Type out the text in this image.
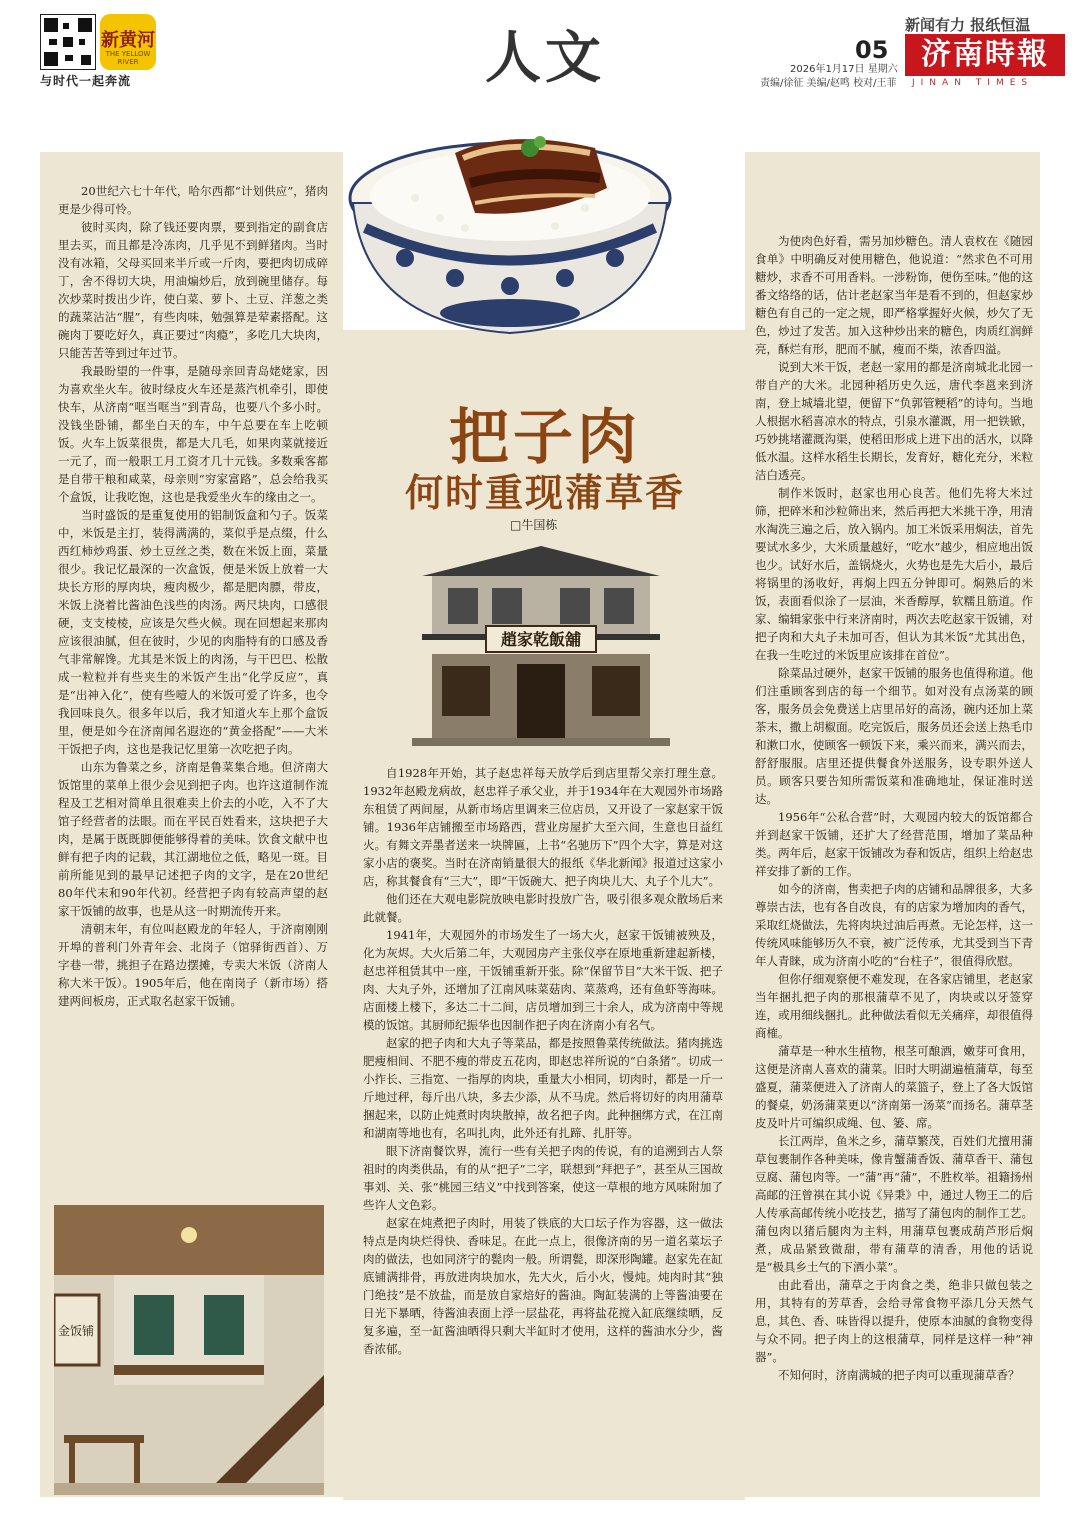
新黄河
THE YELLOW RIVER
与时代一起奔流	人文	05
2026年1月17日 星期六
责编/徐征 美编/赵鸣 校对/王菲
新闻有力 报纸恒温
济南時報
JINAN TIMES
把子肉
何时重现蒲草香
□牛国栋
趙家乾飯舖
金饭铺

20世纪六七十年代，哈尔西都“计划供应”，猪肉更是少得可怜。

彼时买肉，除了钱还要肉票，要到指定的副食店里去买，而且都是冷冻肉，几乎见不到鲜猪肉。当时没有冰箱，父母买回来半斤或一斤肉，要把肉切成碎丁，舍不得切大块，用油煸炒后，放到碗里储存。每次炒菜时拨出少许，使白菜、萝卜、土豆、洋葱之类的蔬菜沾沾“腥”，有些肉味，勉强算是荤素搭配。这碗肉丁要吃好久，真正要过“肉瘾”，多吃几大块肉，只能苦苦等到过年过节。

我最盼望的一件事，是随母亲回青岛姥姥家，因为喜欢坐火车。彼时绿皮火车还是蒸汽机牵引，即使快车，从济南“哐当哐当”到青岛，也要八个多小时。没钱坐卧铺，都坐白天的车，中午总要在车上吃顿饭。火车上饭菜很贵，都是大几毛，如果肉菜就接近一元了，而一般职工月工资才几十元钱。多数乘客都是自带干粮和咸菜，母亲则“穷家富路”，总会给我买个盒饭，让我吃饱，这也是我爱坐火车的缘由之一。

当时盛饭的是重复使用的铝制饭盒和勺子。饭菜中，米饭是主打，装得满满的，菜似乎是点缀，什么西红柿炒鸡蛋、炒土豆丝之类，数在米饭上面，菜量很少。我记忆最深的一次盒饭，便是米饭上放着一大块长方形的厚肉块，瘦肉极少，都是肥肉膘，带皮，米饭上浇着比酱油色浅些的肉汤。两尺块肉，口感很硬，支支棱棱，应该是欠些火候。现在回想起来那肉应该很油腻，但在彼时，少见的肉脂特有的口感及香气非常解馋。尤其是米饭上的肉汤，与干巴巴、松散成一粒粒并有些夹生的米饭产生出“化学反应”，真是“出神入化”，使有些噎人的米饭可爱了许多，也令我回味良久。很多年以后，我才知道火车上那个盒饭里，便是如今在济南闻名遐迩的“黄金搭配”——大米干饭把子肉，这也是我记忆里第一次吃把子肉。

山东为鲁菜之乡，济南是鲁菜集合地。但济南大饭馆里的菜单上很少会见到把子肉。也许这道制作流程及工艺相对简单且很难卖上价去的小吃，入不了大馆子经营者的法眼。而在平民百姓看来，这块把子大肉，是属于既既脚便能够得着的美味。饮食文献中也鲜有把子肉的记载，其江湖地位之低，略见一斑。目前所能见到的最早记述把子肉的文字，是在20世纪80年代末和90年代初。经营把子肉有较高声望的赵家干饭铺的故事，也是从这一时期流传开来。

清朝末年，有位叫赵殿龙的年轻人，于济南刚刚开埠的普利门外青年会、北岗子（馆驿街西首）、万字巷一带，挑担子在路边摆摊，专卖大米饭（济南人称大米干饭）。1905年后，他在南岗子（新市场）搭建两间板房，正式取名赵家干饭铺。

自1928年开始，其子赵忠祥每天放学后到店里帮父亲打理生意。1932年赵殿龙病故，赵忠祥子承父业，并于1934年在大观园外市场路东租赁了两间屋，从新市场店里调来三位店员，又开设了一家赵家干饭铺。1936年店铺搬至市场路西，营业房屋扩大至六间，生意也日益红火。有舞文弄墨者送来一块牌匾，上书“名驰历下”四个大字，算是对这家小店的褒奖。当时在济南销量很大的报纸《华北新闻》报道过这家小店，称其餐食有“三大”，即“干饭碗大、把子肉块儿大、丸子个儿大”。

他们还在大观电影院放映电影时投放广告，吸引很多观众散场后来此就餐。

1941年，大观园外的市场发生了一场大火，赵家干饭铺被殃及，化为灰烬。大火后第二年，大观园房产主张仪亭在原地重新建起新楼，赵忠祥租赁其中一座，干饭铺重新开张。除“保留节目”大米干饭、把子肉、大丸子外，还增加了江南风味菜菇肉、菜蒸鸡，还有鱼虾等海味。店面楼上楼下，多达二十二间，店员增加到三十余人，成为济南中等规模的饭馆。其厨师纪振华也因制作把子肉在济南小有名气。

赵家的把子肉和大丸子等菜品，都是按照鲁菜传统做法。猪肉挑选肥瘦相间、不肥不瘦的带皮五花肉，即赵忠祥所说的“白条猪”。切成一小拃长、三指宽、一指厚的肉块，重量大小相同，切肉时，都是一斤一斤地过秤，每斤出八块，多去少添，从不马虎。然后将切好的肉用蒲草捆起来，以防止炖煮时肉块散掉，故名把子肉。此种捆绑方式，在江南和湖南等地也有，名叫扎肉，此外还有扎蹄、扎肝等。

眼下济南餐饮界，流行一些有关把子肉的传说，有的追溯到古人祭祖时的肉类供品，有的从“把子”二字，联想到“拜把子”，甚至从三国故事刘、关、张“桃园三结义”中找到答案，使这一草根的地方风味附加了些许人文色彩。

赵家在炖煮把子肉时，用装了铁底的大口坛子作为容器，这一做法特点是肉块烂得快、香味足。在此一点上，很像济南的另一道名菜坛子肉的做法，也如同济宁的甏肉一般。所谓甏，即深形陶罐。赵家先在缸底铺满排骨，再放进肉块加水，先大火，后小火，慢炖。炖肉时其“独门绝技”是不放盐，而是放自家焙好的酱油。陶缸装满的上等酱油要在日光下暴晒，待酱油表面上浮一层盐花，再将盐花搅入缸底继续晒，反复多遍，至一缸酱油晒得只剩大半缸时才使用，这样的酱油水分少，酱香浓郁。

为使肉色好看，需另加炒糖色。清人袁枚在《随园食单》中明确反对使用糖色，他说道：“然求色不可用糖炒，求香不可用香料。一涉粉饰，便伤至味。”他的这番文络络的话，估计老赵家当年是看不到的，但赵家炒糖色有自己的一定之规，即严格掌握好火候，炒欠了无色，炒过了发苦。加入这种炒出来的糖色，肉质红润鲜亮，酥烂有形，肥而不腻，瘦而不柴，浓香四溢。

说到大米干饭，老赵一家用的都是济南城北北园一带自产的大米。北园种稻历史久远，唐代李邕来到济南，登上城墙北望，便留下“负郭管粳稻”的诗句。当地人根据水稻喜凉水的特点，引泉水灌溉，用一把铁锨，巧妙挑堵灌溉沟渠，使稻田形成上进下出的活水，以降低水温。这样水稻生长期长，发育好，糖化充分，米粒洁白透亮。

制作米饭时，赵家也用心良苦。他们先将大米过筛，把碎米和沙粒筛出来，然后再把大米挑干净，用清水淘洗三遍之后，放入锅内。加工米饭采用焖法，首先要试水多少，大米质量越好，“吃水”越少，相应地出饭也少。试好水后，盖锅烧火，火势也是先大后小，最后将锅里的汤收好，再焖上四五分钟即可。焖熟后的米饭，表面看似涂了一层油，米香醇厚，软糯且筋道。作家、编辑家张中行来济南时，两次去吃赵家干饭铺，对把子肉和大丸子未加可否，但认为其米饭“尤其出色，在我一生吃过的米饭里应该排在首位”。

除菜品过硬外，赵家干饭铺的服务也值得称道。他们注重顾客到店的每一个细节。如对没有点汤菜的顾客，服务员会免费送上店里吊好的高汤，碗内还加上菜茶末，撒上胡椒面。吃完饭后，服务员还会送上热毛巾和漱口水，使顾客一顿饭下来，乘兴而来，满兴而去，舒舒服服。店里还提供餐食外送服务，设专职外送人员。顾客只要告知所需饭菜和准确地址，保证准时送达。

1956年“公私合营”时，大观园内较大的饭馆都合并到赵家干饭铺，还扩大了经营范围，增加了菜品种类。两年后，赵家干饭铺改为春和饭店，组织上给赵忠祥安排了新的工作。

如今的济南，售卖把子肉的店铺和品牌很多，大多尊崇古法，也有各自改良，有的店家为增加肉的香气，采取红烧做法，先将肉块过油后再煮。无论怎样，这一传统风味能够历久不衰，被广泛传承，尤其受到当下青年人青睐，成为济南小吃的“台柱子”，很值得欣慰。

但你仔细观察便不难发现，在各家店铺里，老赵家当年捆扎把子肉的那根蒲草不见了，肉块或以牙签穿连，或用细线捆扎。此种做法看似无关痛痒，却很值得商榷。

蒲草是一种水生植物，根茎可酿酒，嫩芽可食用，这便是济南人喜欢的蒲菜。旧时大明湖遍植蒲草，每至盛夏，蒲菜便进入了济南人的菜篮子，登上了各大饭馆的餐桌，奶汤蒲菜更以“济南第一汤菜”而扬名。蒲草茎皮及叶片可编织成绳、包、篓、席。

长江两岸，鱼米之乡，蒲草繁茂，百姓们尤擅用蒲草包裹制作各种美味，像肯蟹蒲香饭、蒲草香干、蒲包豆腐、蒲包肉等。一“蒲”再“蒲”，不胜枚举。祖籍扬州高邮的汪曾祺在其小说《异秉》中，通过人物王二的后人传承高邮传统小吃技艺，描写了蒲包肉的制作工艺。蒲包肉以猪后腿肉为主料，用蒲草包裹成葫芦形后焖煮，成品紧致微甜，带有蒲草的清香，用他的话说是“极具乡土气的下酒小菜”。

由此看出，蒲草之于肉食之类，绝非只做包装之用，其特有的芳草香，会给寻常食物平添几分天然气息，其色、香、味皆得以提升，使原本油腻的食物变得与众不同。把子肉上的这根蒲草，同样是这样一种“神器”。

不知何时，济南满城的把子肉可以重现蒲草香？
